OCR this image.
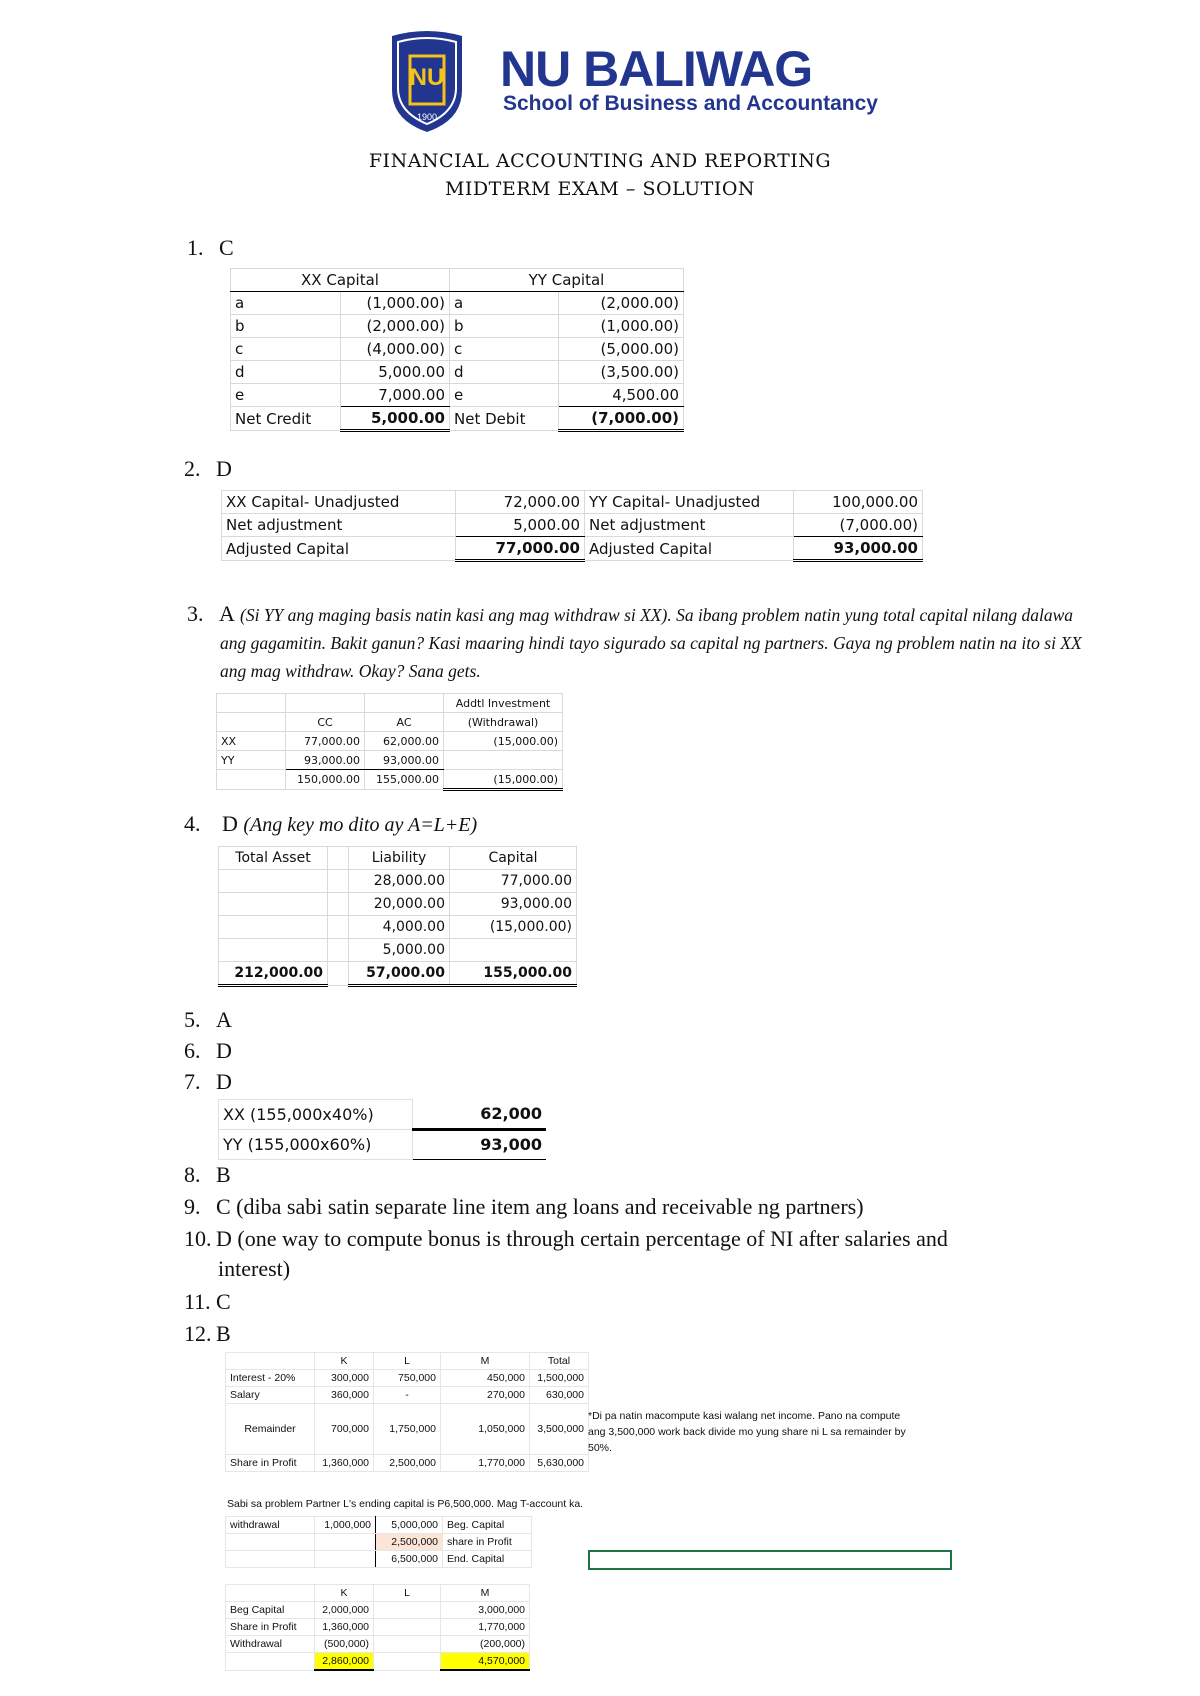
NU
1900
NU BALIWAG
School of Business and Accountancy
FINANCIAL ACCOUNTING AND REPORTING
MIDTERM EXAM – SOLUTION
1. C
XX Capital		YY Capital	
a	(1,000.00)	a	(2,000.00)
b	(2,000.00)	b	(1,000.00)
c	(4,000.00)	c	(5,000.00)
d	5,000.00	d	(3,500.00)
e	7,000.00	e	4,500.00
Net Credit	5,000.00	Net Debit	(7,000.00)
2. D
XX Capital- Unadjusted	72,000.00	YY Capital- Unadjusted	100,000.00
Net adjustment	5,000.00	Net adjustment	(7,000.00)
Adjusted Capital	77,000.00	Adjusted Capital	93,000.00
3. A (Si YY ang maging basis natin kasi ang mag withdraw si XX). Sa ibang problem natin yung total capital nilang dalawa
ang gagamitin. Bakit ganun? Kasi maaring hindi tayo sigurado sa capital ng partners. Gaya ng problem natin na ito si XX
ang mag withdraw. Okay? Sana gets.
			Addtl Investment
	CC	AC	(Withdrawal)
XX	77,000.00	62,000.00	(15,000.00)
YY	93,000.00	93,000.00	
	150,000.00	155,000.00	(15,000.00)
4. D (Ang key mo dito ay A=L+E)
Total Asset		Liability	Capital
		28,000.00	77,000.00
		20,000.00	93,000.00
		4,000.00	(15,000.00)
		5,000.00	
212,000.00		57,000.00	155,000.00
5. A
6. D
7. D
XX (155,000x40%)	62,000
YY (155,000x60%)	93,000
8. B
9. C (diba sabi satin separate line item ang loans and receivable ng partners)
10. D (one way to compute bonus is through certain percentage of NI after salaries and
interest)
11. C
12. B
	K	L	M	Total
Interest - 20%	300,000	750,000	450,000	1,500,000
Salary	360,000	-	270,000	630,000
Remainder	700,000	1,750,000	1,050,000	3,500,000
Share in Profit	1,360,000	2,500,000	1,770,000	5,630,000
*Di pa natin macompute kasi walang net income. Pano na compute
ang 3,500,000 work back divide mo yung share ni L sa remainder by
50%.
Sabi sa problem Partner L's ending capital is P6,500,000. Mag T-account ka.
withdrawal	1,000,000	5,000,000	Beg. Capital
		2,500,000	share in Profit
		6,500,000	End. Capital
	K	L	M
Beg Capital	2,000,000		3,000,000
Share in Profit	1,360,000		1,770,000
Withdrawal	(500,000)		(200,000)
	2,860,000		4,570,000
